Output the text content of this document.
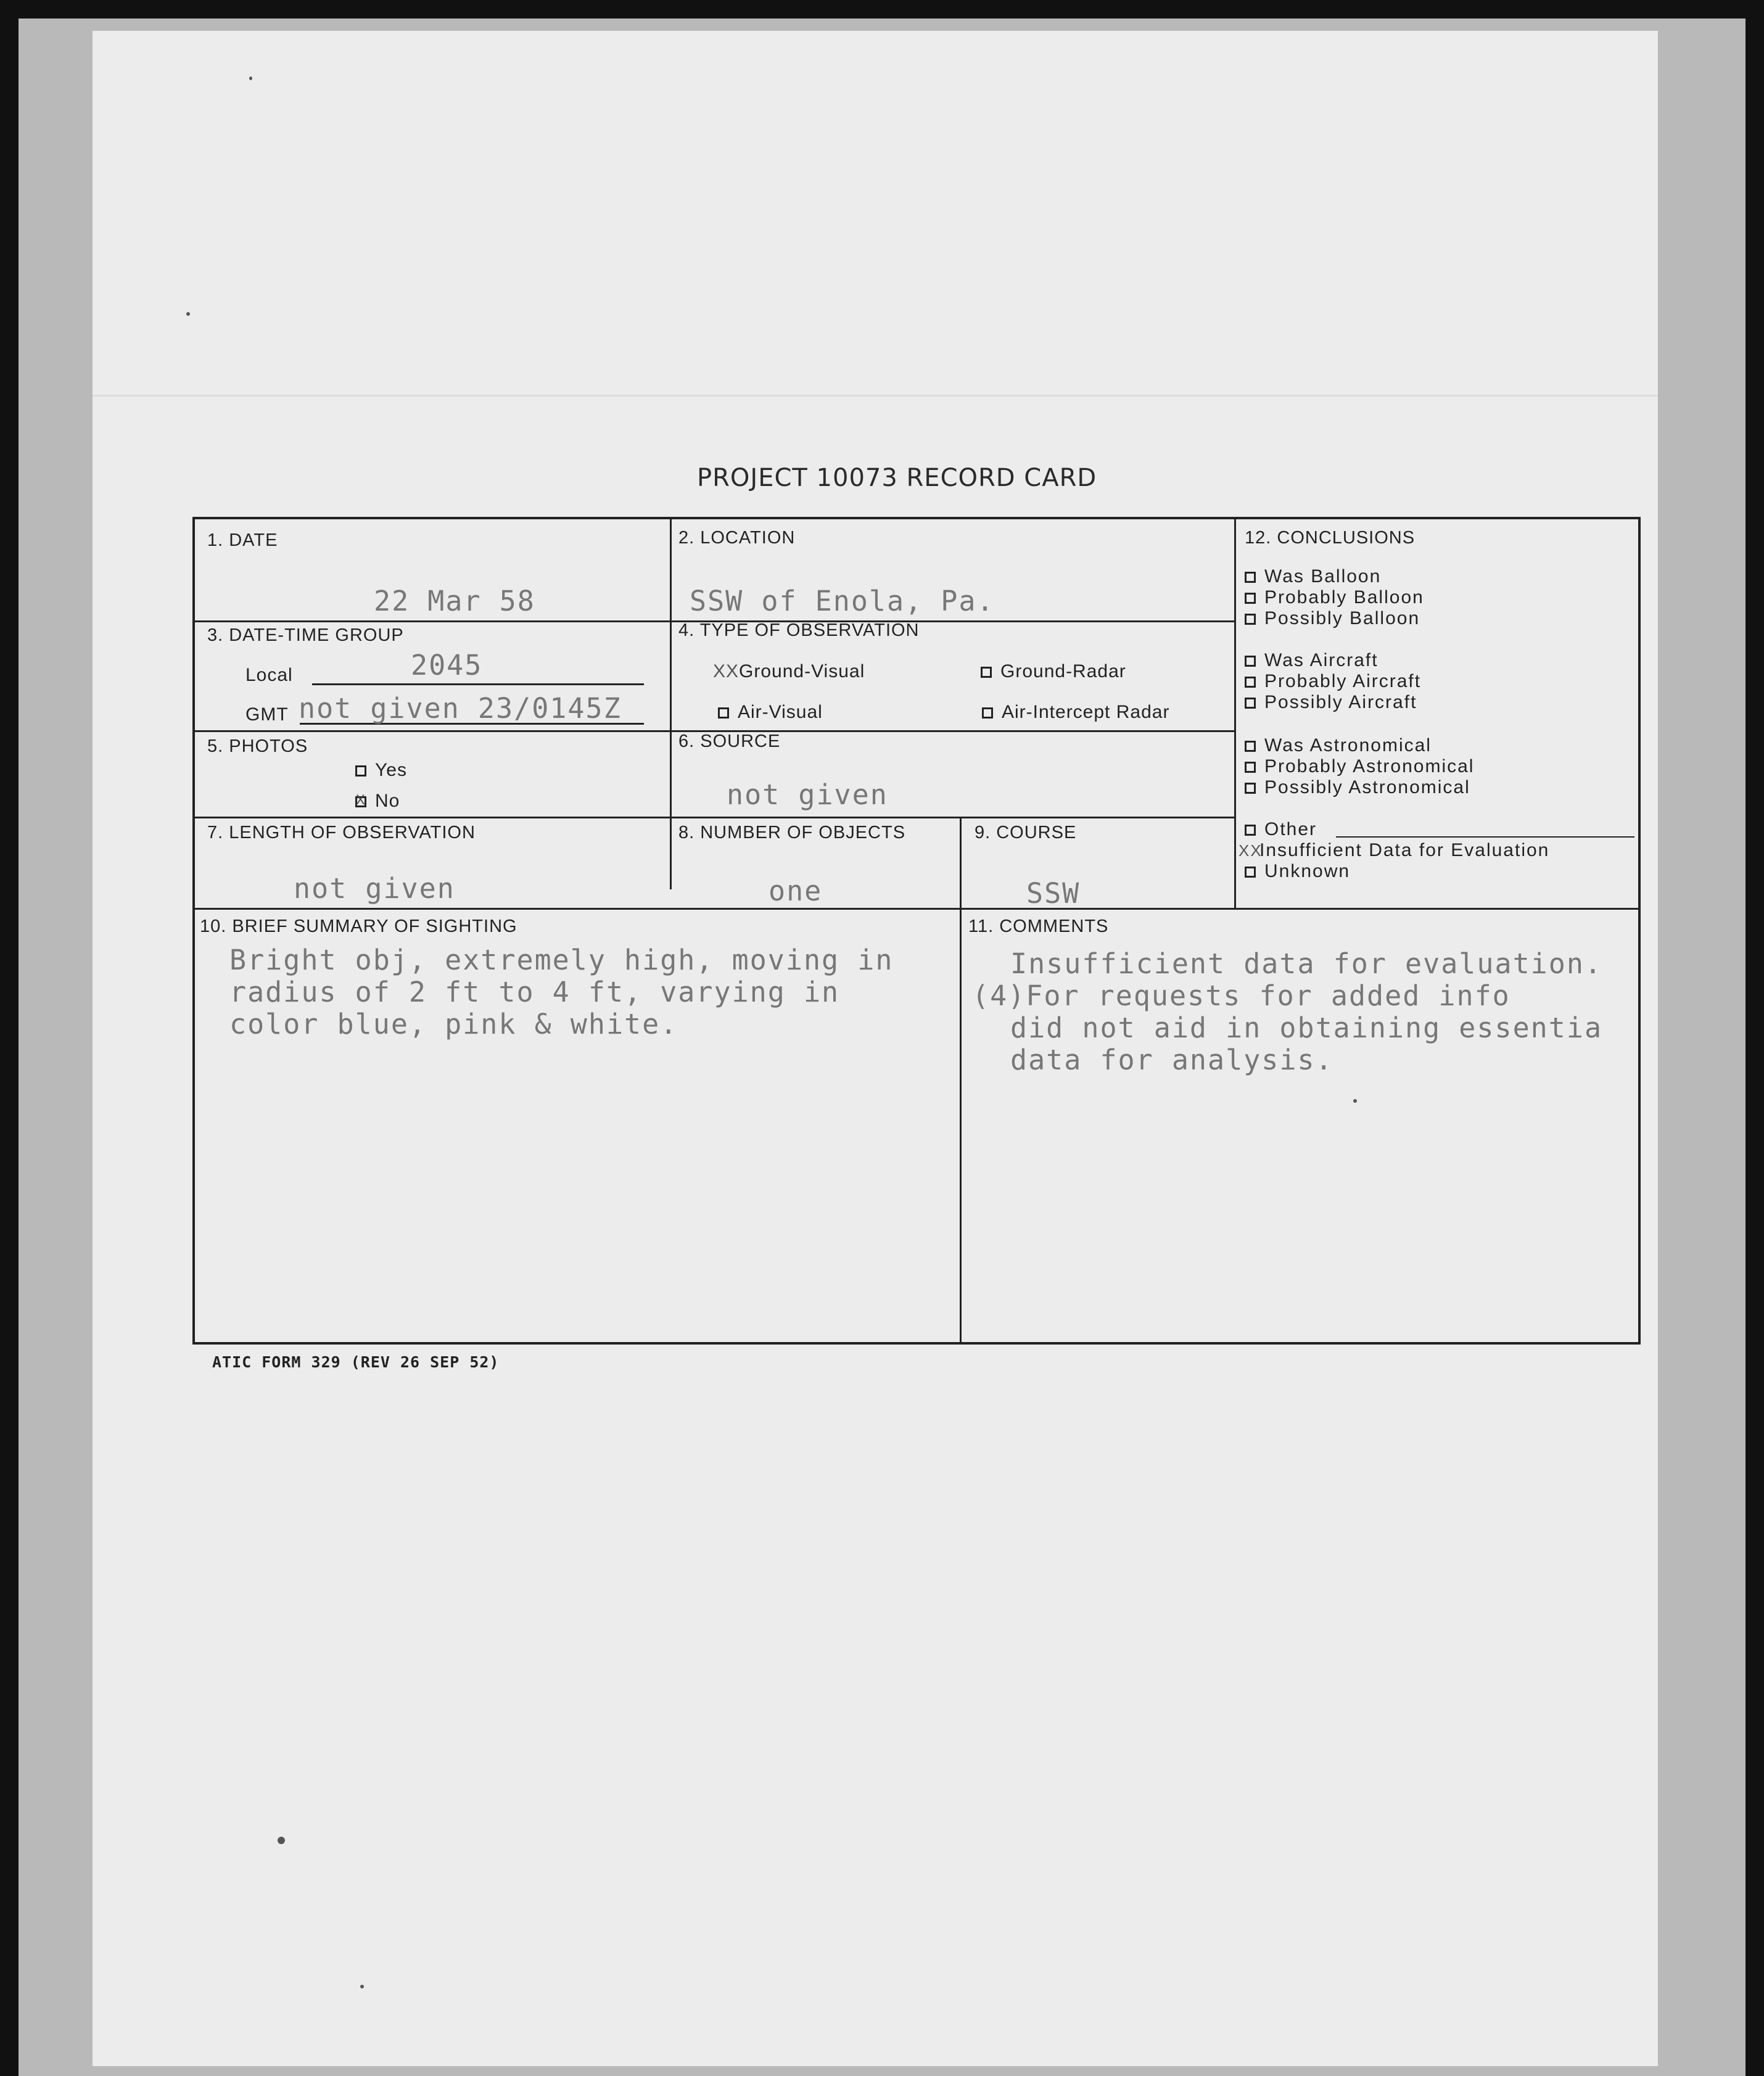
PROJECT 10073 RECORD CARD
1. DATE
22 Mar 58
2. LOCATION
SSW of Enola, Pa.
3. DATE-TIME GROUP
Local	2045
GMT not given 23/0145Z
4. TYPE OF OBSERVATION
XXGround-Visual	Ground-Radar
Air-Visual	Air-Intercept Radar
5. PHOTOS
Yes
X No
6. SOURCE
not given
7. LENGTH OF OBSERVATION
not given
8. NUMBER OF OBJECTS
one
9. COURSE
SSW
10. BRIEF SUMMARY OF SIGHTING
Bright obj, extremely high, moving in
radius of 2 ft to 4 ft, varying in
color blue, pink & white.
11. COMMENTS
Insufficient data for evaluation.
(4)For requests for added info
did not aid in obtaining essentia
data for analysis.
12. CONCLUSIONS
Was Balloon
Probably Balloon
Possibly Balloon
Was Aircraft
Probably Aircraft
Possibly Aircraft
Was Astronomical
Probably Astronomical
Possibly Astronomical
Other
XXInsufficient Data for Evaluation
Unknown
ATIC FORM 329 (REV 26 SEP 52)
